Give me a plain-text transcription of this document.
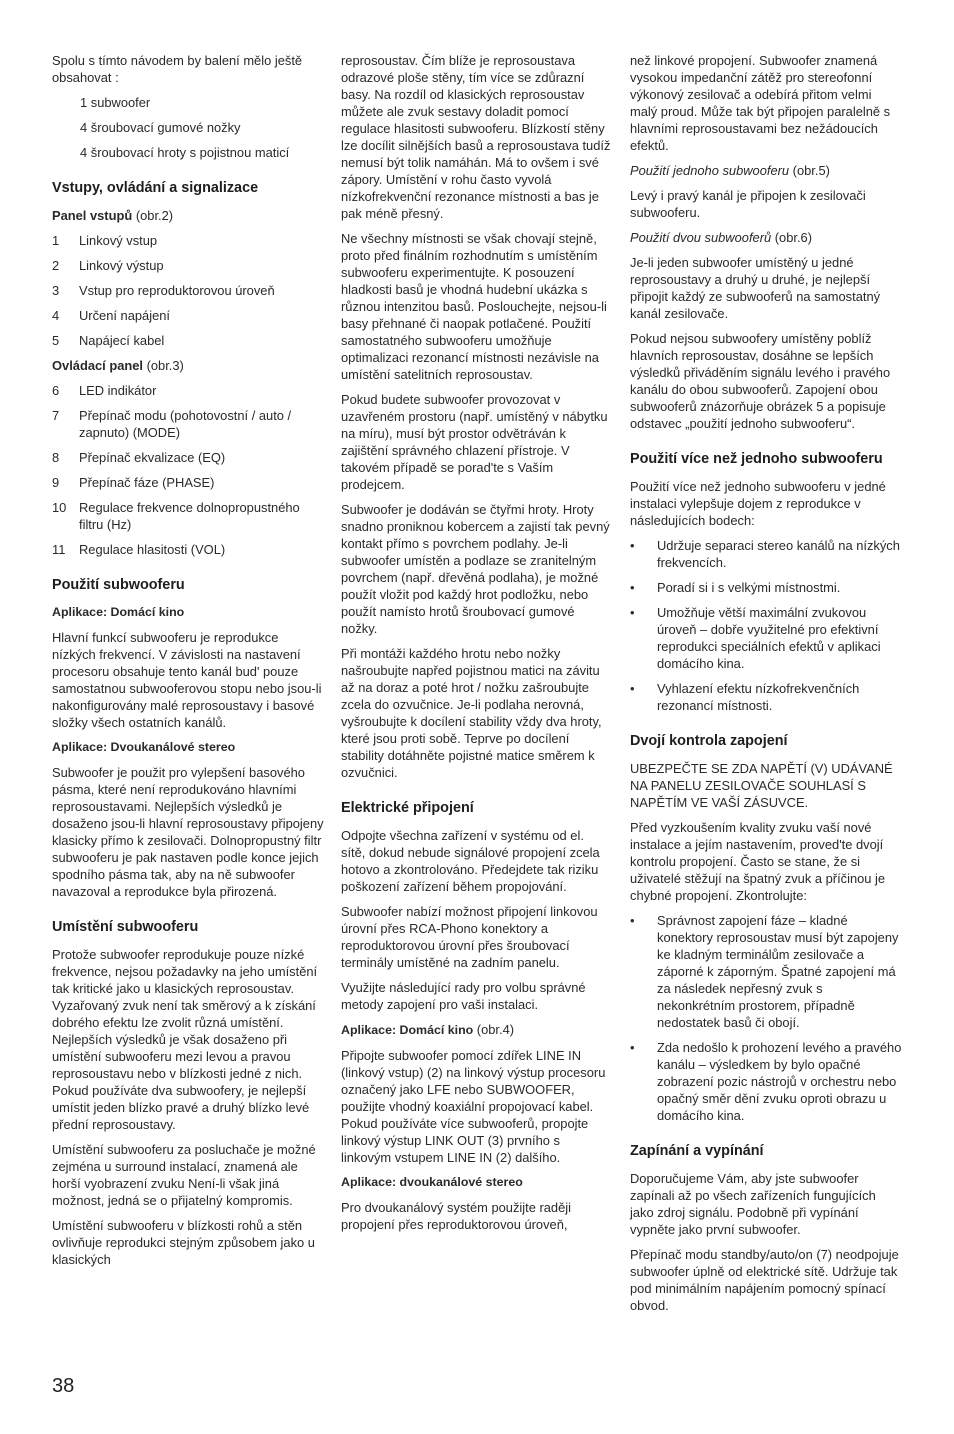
Spolu s tímto návodem by balení mělo ještě obsahovat :

1 subwoofer
4 šroubovací gumové nožky
4 šroubovací hroty s pojistnou maticí
Vstupy, ovládání a signalizace

Panel vstupů (obr.2)

1	Linkový vstup
2	Linkový výstup
3	Vstup pro reproduktorovou úroveň
4	Určení napájení
5	Napájecí kabel

Ovládací panel (obr.3)

6	LED indikátor
7	Přepínač modu (pohotovostní / auto / zapnuto) (MODE)
8	Přepínač ekvalizace (EQ)
9	Přepínač fáze (PHASE)
10 Regulace frekvence dolnopropustného filtru (Hz)
11	Regulace hlasitosti (VOL)
Použití subwooferu
Aplikace: Domácí kino

Hlavní funkcí subwooferu je reprodukce nízkých frekvencí. V závislosti na nastavení procesoru obsahuje tento kanál bud' pouze samostatnou subwooferovou stopu nebo jsou-li nakonfigurovány malé reprosoustavy i basové složky všech ostatních kanálů.

Aplikace: Dvoukanálové stereo

Subwoofer je použit pro vylepšení basového pásma, které není reprodukováno hlavními reprosoustavami. Nejlepších výsledků je dosaženo jsou-li hlavní reprosoustavy připojeny klasicky přímo k zesilovači. Dolnopropustný filtr subwooferu je pak nastaven podle konce jejich spodního pásma tak, aby na ně subwoofer navazoval a reprodukce byla přirozená.

Umístění subwooferu

Protože subwoofer reprodukuje pouze nízké frekvence, nejsou požadavky na jeho umístění tak kritické jako u klasických reprosoustav. Vyzařovaný zvuk není tak směrový a k získání dobrého efektu lze zvolit různá umístění. Nejlepších výsledků je však dosaženo při umístění subwooferu mezi levou a pravou reprosoustavu nebo v blízkosti jedné z nich. Pokud používáte dva subwoofery, je nejlepší umístit jeden blízko pravé a druhý blízko levé přední reprosoustavy.

Umístění subwooferu za posluchače je možné zejména u surround instalací, znamená ale horší vyobrazení zvuku Není-li však jiná možnost, jedná se o přijatelný kompromis.

Umístění subwooferu v blízkosti rohů a stěn ovlivňuje reprodukci stejným způsobem jako u klasických

reprosoustav. Čím blíže je reprosoustava odrazové ploše stěny, tím více se zdůrazní basy. Na rozdíl od klasických reprosoustav můžete ale zvuk sestavy doladit pomocí regulace hlasitosti subwooferu. Blízkostí stěny lze docílit silnějších basů a reprosoustava tudíž nemusí být tolik namáhán. Má to ovšem i své zápory. Umístění v rohu často vyvolá nízkofrekvenční rezonance místnosti a bas je pak méně přesný.

Ne všechny místnosti se však chovají stejně, proto před finálním rozhodnutím s umístěním subwooferu experimentujte. K posouzení hladkosti basů je vhodná hudební ukázka s různou intenzitou basů. Poslouchejte, nejsou-li basy přehnané či naopak potlačené. Použití samostatného subwooferu umožňuje optimalizaci rezonancí místnosti nezávisle na umístění satelitních reprosoustav.

Pokud budete subwoofer provozovat v uzavřeném prostoru (např. umístěný v nábytku na míru), musí být prostor odvětráván k zajištění správného chlazení přístroje. V takovém případě se porad'te s Vaším prodejcem.

Subwoofer je dodáván se čtyřmi hroty. Hroty snadno proniknou kobercem a zajistí tak pevný kontakt přímo s povrchem podlahy. Je-li subwoofer umístěn a podlaze se zranitelným povrchem (např. dřevěná podlaha), je možné použít vložit pod každý hrot podložku, nebo použít namísto hrotů šroubovací gumové nožky.

Při montáži každého hrotu nebo nožky našroubujte napřed pojistnou matici na závitu až na doraz a poté hrot / nožku zašroubujte zcela do ozvučnice. Je-li podlaha nerovná, vyšroubujte k docílení stability vždy dva hroty, které jsou proti sobě. Teprve po docílení stability dotáhněte pojistné matice směrem k ozvučnici.

Elektrické připojení

Odpojte všechna zařízení v systému od el. sítě, dokud nebude signálové propojení zcela hotovo a zkontrolováno. Předejdete tak riziku poškození zařízení během propojování.

Subwoofer nabízí možnost připojení linkovou úrovní přes RCA-Phono konektory a reproduktorovou úrovní přes šroubovací terminály umístěné na zadním panelu.

Využijte následující rady pro volbu správné metody zapojení pro vaši instalaci.

Aplikace: Domácí kino (obr.4)

Připojte subwoofer pomocí zdířek LINE IN (linkový vstup) (2) na linkový výstup procesoru označený jako LFE nebo SUBWOOFER, použijte vhodný koaxiální propojovací kabel. Pokud používáte více subwooferů, propojte linkový výstup LINK OUT (3) prvního s linkovým vstupem LINE IN (2) dalšího.

Aplikace: dvoukanálové stereo

Pro dvoukanálový systém použijte raději propojení přes reproduktorovou úroveň,

než linkové propojení. Subwoofer znamená vysokou impedanční zátěž pro stereofonní výkonový zesilovač a odebírá přitom velmi malý proud. Může tak být připojen paralelně s hlavními reprosoustavami bez nežádoucích efektů.

Použití jednoho subwooferu (obr.5)

Levý i pravý kanál je připojen k zesilovači subwooferu.

Použití dvou subwooferů (obr.6)

Je-li jeden subwoofer umístěný u jedné reprosoustavy a druhý u druhé, je nejlepší připojit každý ze subwooferů na samostatný kanál zesilovače.

Pokud nejsou subwoofery umístěny poblíž hlavních reprosoustav, dosáhne se lepších výsledků přiváděním signálu levého i pravého kanálu do obou subwooferů. Zapojení obou subwooferů znázorňuje obrázek 5 a popisuje odstavec „použití jednoho subwooferu“.

Použití více než jednoho subwooferu

Použití více než jednoho subwooferu v jedné instalaci vylepšuje dojem z reprodukce v následujících bodech:

•	Udržuje separaci stereo kanálů na nízkých frekvencích.
•	Poradí si i s velkými místnostmi.
•	Umožňuje větší maximální zvukovou úroveň – dobře využitelné pro efektivní reprodukci speciálních efektů v aplikaci domácího kina.
•	Vyhlazení efektu nízkofrekvenčních rezonancí místnosti.
Dvojí kontrola zapojení

UBEZPEČTE SE ZDA NAPĚTÍ (V) UDÁVANÉ NA PANELU ZESILOVAČE SOUHLASÍ S NAPĚTÍM VE VAŠÍ ZÁSUVCE.

Před vyzkoušením kvality zvuku vaší nové instalace a jejím nastavením, proved'te dvojí kontrolu propojení. Často se stane, že si uživatelé stěžují na špatný zvuk a příčinou je chybné propojení. Zkontrolujte:

•	Správnost zapojení fáze – kladné konektory reprosoustav musí být zapojeny ke kladným terminálům zesilovače a záporné k záporným. Špatné zapojení má za následek nepřesný zvuk s nekonkrétním prostorem, případně nedostatek basů či obojí.
•	Zda nedošlo k prohození levého a pravého kanálu – výsledkem by bylo opačné zobrazení pozic nástrojů v orchestru nebo opačný směr dění zvuku oproti obrazu u domácího kina.
Zapínání a vypínání

Doporučujeme Vám, aby jste subwoofer zapínali až po všech zařízeních fungujících jako zdroj signálu. Podobně při vypínání vypněte jako první subwoofer.

Přepínač modu standby/auto/on (7) neodpojuje subwoofer úplně od elektrické sítě. Udržuje tak pod minimálním napájením pomocný spínací obvod.

38
